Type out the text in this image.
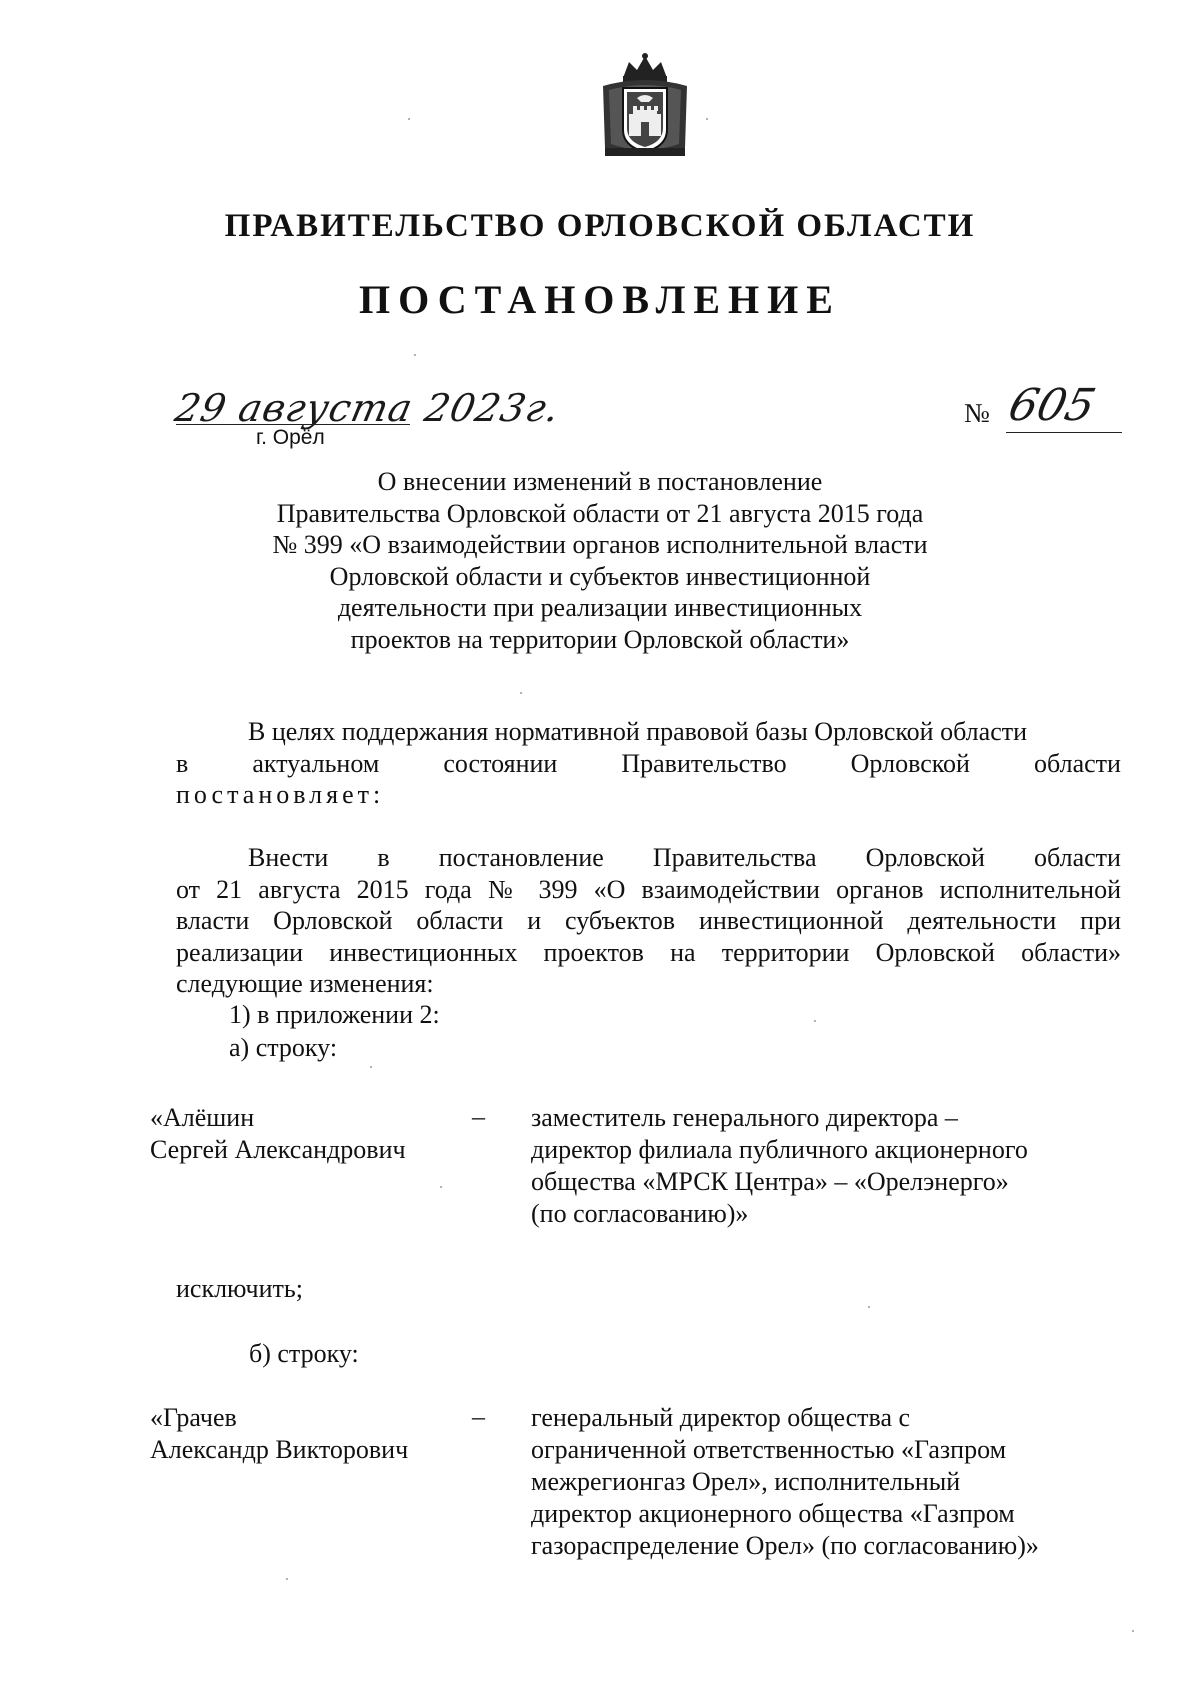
ПРАВИТЕЛЬСТВО ОРЛОВСКОЙ ОБЛАСТИ
ПОСТАНОВЛЕНИЕ
29 августа 2023г.
г. Орёл
№ 605
О внесении изменений в постановление
Правительства Орловской области от 21 августа 2015 года
№ 399 «О взаимодействии органов исполнительной власти
Орловской области и субъектов инвестиционной
деятельности при реализации инвестиционных
проектов на территории Орловской области»
В целях поддержания нормативной правовой базы Орловской области
в актуальном состоянии Правительство Орловской области
постановляет:
Внести в постановление Правительства Орловской области
от 21 августа 2015 года № 399 «О взаимодействии органов исполнительной
власти Орловской области и субъектов инвестиционной деятельности при
реализации инвестиционных проектов на территории Орловской области»
следующие изменения:
1) в приложении 2:
а) строку:
«Алёшин
Сергей Александрович
– заместитель генерального директора –
директор филиала публичного акционерного
общества «МРСК Центра» – «Орелэнерго»
(по согласованию)»
исключить;
б) строку:
«Грачев
Александр Викторович
– генеральный директор общества с
ограниченной ответственностью «Газпром
межрегионгаз Орел», исполнительный
директор акционерного общества «Газпром
газораспределение Орел» (по согласованию)»
